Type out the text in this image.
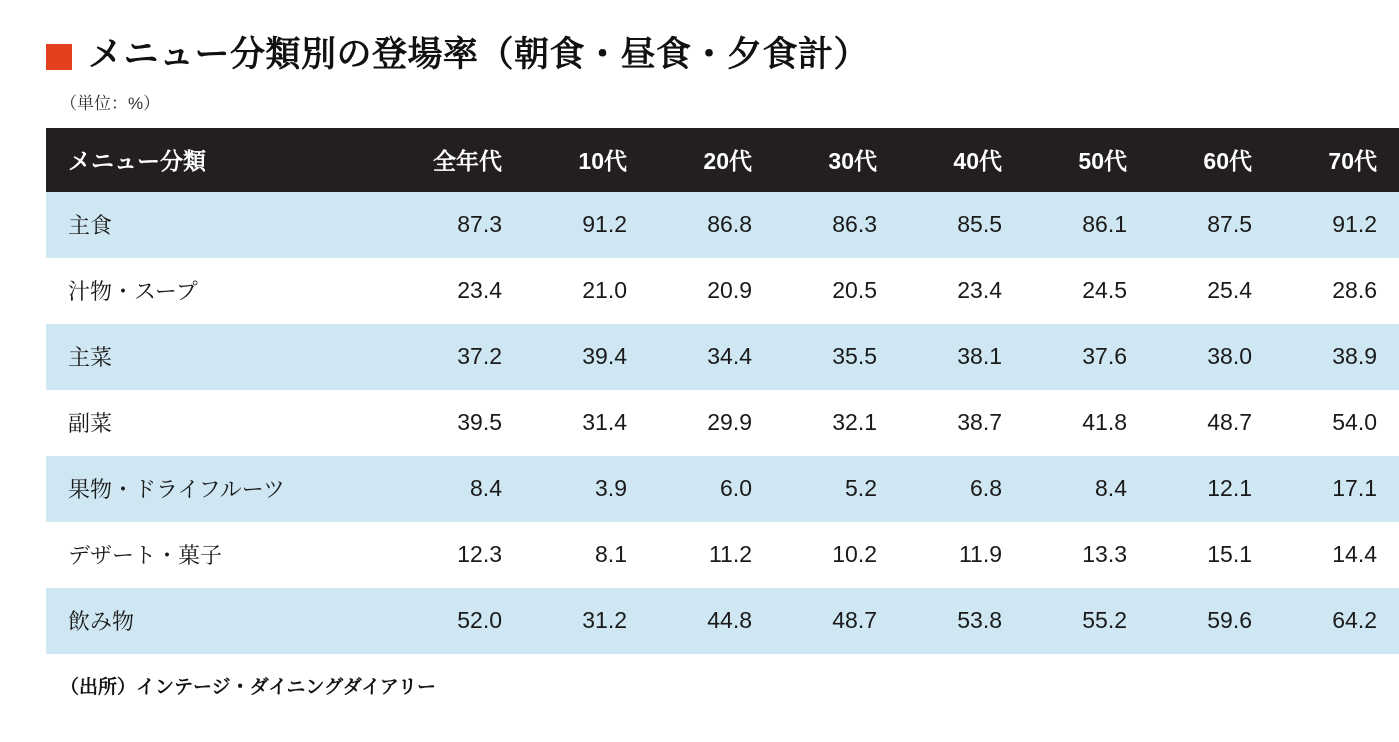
メニュー分類別の登場率（朝食・昼食・夕食計）
（単位：%）
メニュー分類	全年代	10代	20代	30代	40代	50代	60代	70代
主食	87.3	91.2	86.8	86.3	85.5	86.1	87.5	91.2
汁物・スープ	23.4	21.0	20.9	20.5	23.4	24.5	25.4	28.6
主菜	37.2	39.4	34.4	35.5	38.1	37.6	38.0	38.9
副菜	39.5	31.4	29.9	32.1	38.7	41.8	48.7	54.0
果物・ドライフルーツ	8.4	3.9	6.0	5.2	6.8	8.4	12.1	17.1
デザート・菓子	12.3	8.1	11.2	10.2	11.9	13.3	15.1	14.4
飲み物	52.0	31.2	44.8	48.7	53.8	55.2	59.6	64.2
（出所）インテージ・ダイニングダイアリー
